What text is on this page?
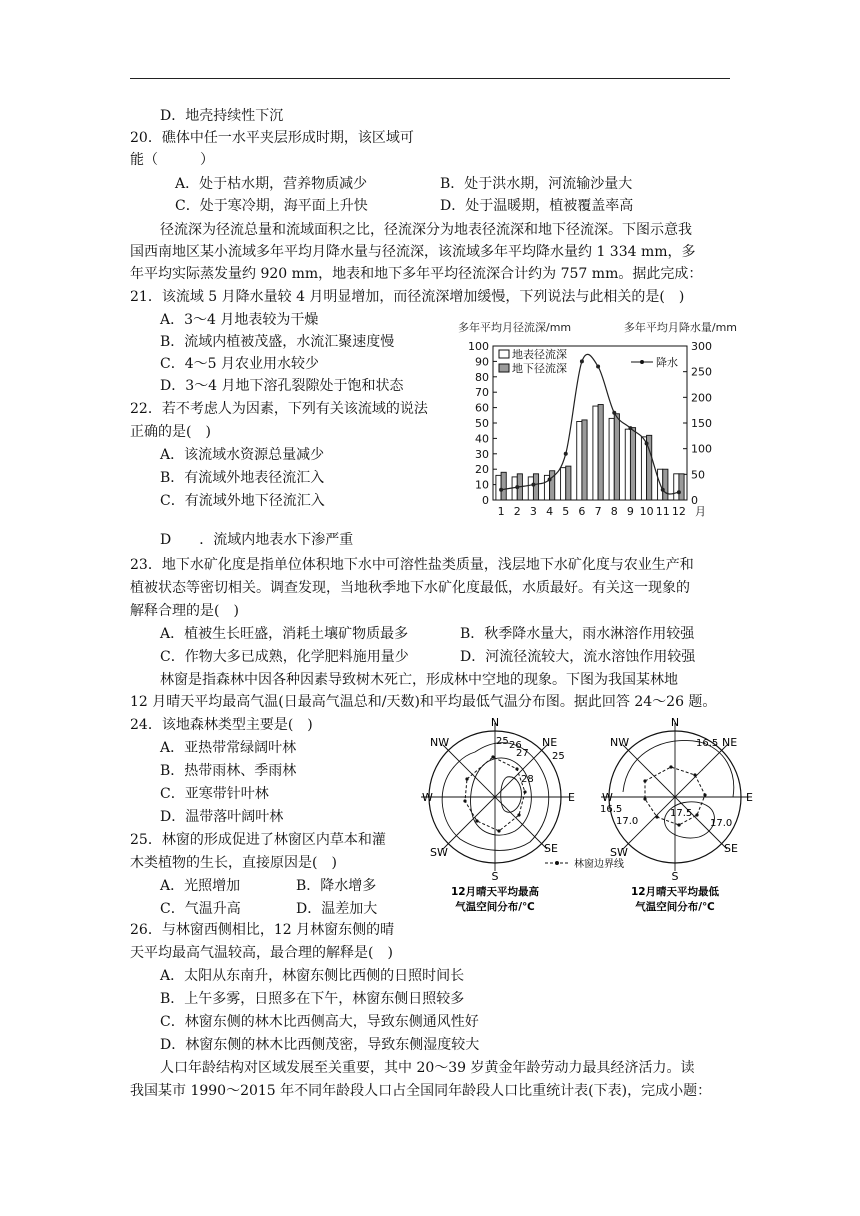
D．地壳持续性下沉
20．礁体中任一水平夹层形成时期，该区域可
能（　　　）
A．处于枯水期，营养物质减少	B．处于洪水期，河流输沙量大
C．处于寒冷期，海平面上升快	D．处于温暖期，植被覆盖率高
径流深为径流总量和流域面积之比，径流深分为地表径流深和地下径流深。下图示意我
国西南地区某小流域多年平均月降水量与径流深，该流域多年平均降水量约 1 334 mm，多
年平均实际蒸发量约 920 mm，地表和地下多年平均径流深合计约为 757 mm。据此完成：
21．该流域 5 月降水量较 4 月明显增加，而径流深增加缓慢，下列说法与此相关的是(　)
A．3～4 月地表较为干燥
B．流域内植被茂盛，水流汇聚速度慢
C．4～5 月农业用水较少
D．3～4 月地下溶孔裂隙处于饱和状态
22．若不考虑人为因素，下列有关该流域的说法
正确的是(　)
A．该流域水资源总量减少
B．有流域外地表径流汇入
C．有流域外地下径流汇入
D　　．流域内地表水下渗严重
多年平均月径流深/mm	多年平均月降水量/mm
0
10
20
30
40
50
60
70
80
90
100
0
50
100
150
200
250
300
1 2 3 4 5 6 7 8 9 10 11 12 月
地表径流深
地下径流深	降水
23．地下水矿化度是指单位体积地下水中可溶性盐类质量，浅层地下水矿化度与农业生产和
植被状态等密切相关。调查发现，当地秋季地下水矿化度最低，水质最好。有关这一现象的
解释合理的是(　)
A．植被生长旺盛，消耗土壤矿物质最多	B．秋季降水量大，雨水淋溶作用较强
C．作物大多已成熟，化学肥料施用量少	D．河流径流较大，流水溶蚀作用较强
林窗是指森林中因各种因素导致树木死亡，形成林中空地的现象。下图为我国某林地
12 月晴天平均最高气温(日最高气温总和/天数)和平均最低气温分布图。据此回答 24～26 题。
24．该地森林类型主要是(　)
A．亚热带常绿阔叶林
B．热带雨林、季雨林
C．亚寒带针叶林
D．温带落叶阔叶林
25．林窗的形成促进了林窗区内草本和灌
木类植物的生长，直接原因是(　)
A．光照增加	B．降水增多
C．气温升高	D．温差加大
26．与林窗西侧相比，12 月林窗东侧的晴
天平均最高气温较高，最合理的解释是(　)
A．太阳从东南升，林窗东侧比西侧的日照时间长
B．上午多雾，日照多在下午，林窗东侧日照较多
C．林窗东侧的林木比西侧高大，导致东侧通风性好
D．林窗东侧的林木比西侧茂密，导致东侧湿度较大
人口年龄结构对区域发展至关重要，其中 20～39 岁黄金年龄劳动力最具经济活力。读
我国某市 1990～2015 年不同年龄段人口占全国同年龄段人口比重统计表(下表)，完成小题：
N
S
W	E
NW	NE
SW	SE
25 26
27 25
28
N
S
W	E
NW	NE
SW	SE
16.5
16.5	17.5
17.0	17.0
林窗边界线
12月晴天平均最高
气温空间分布/℃
12月晴天平均最低
气温空间分布/℃
